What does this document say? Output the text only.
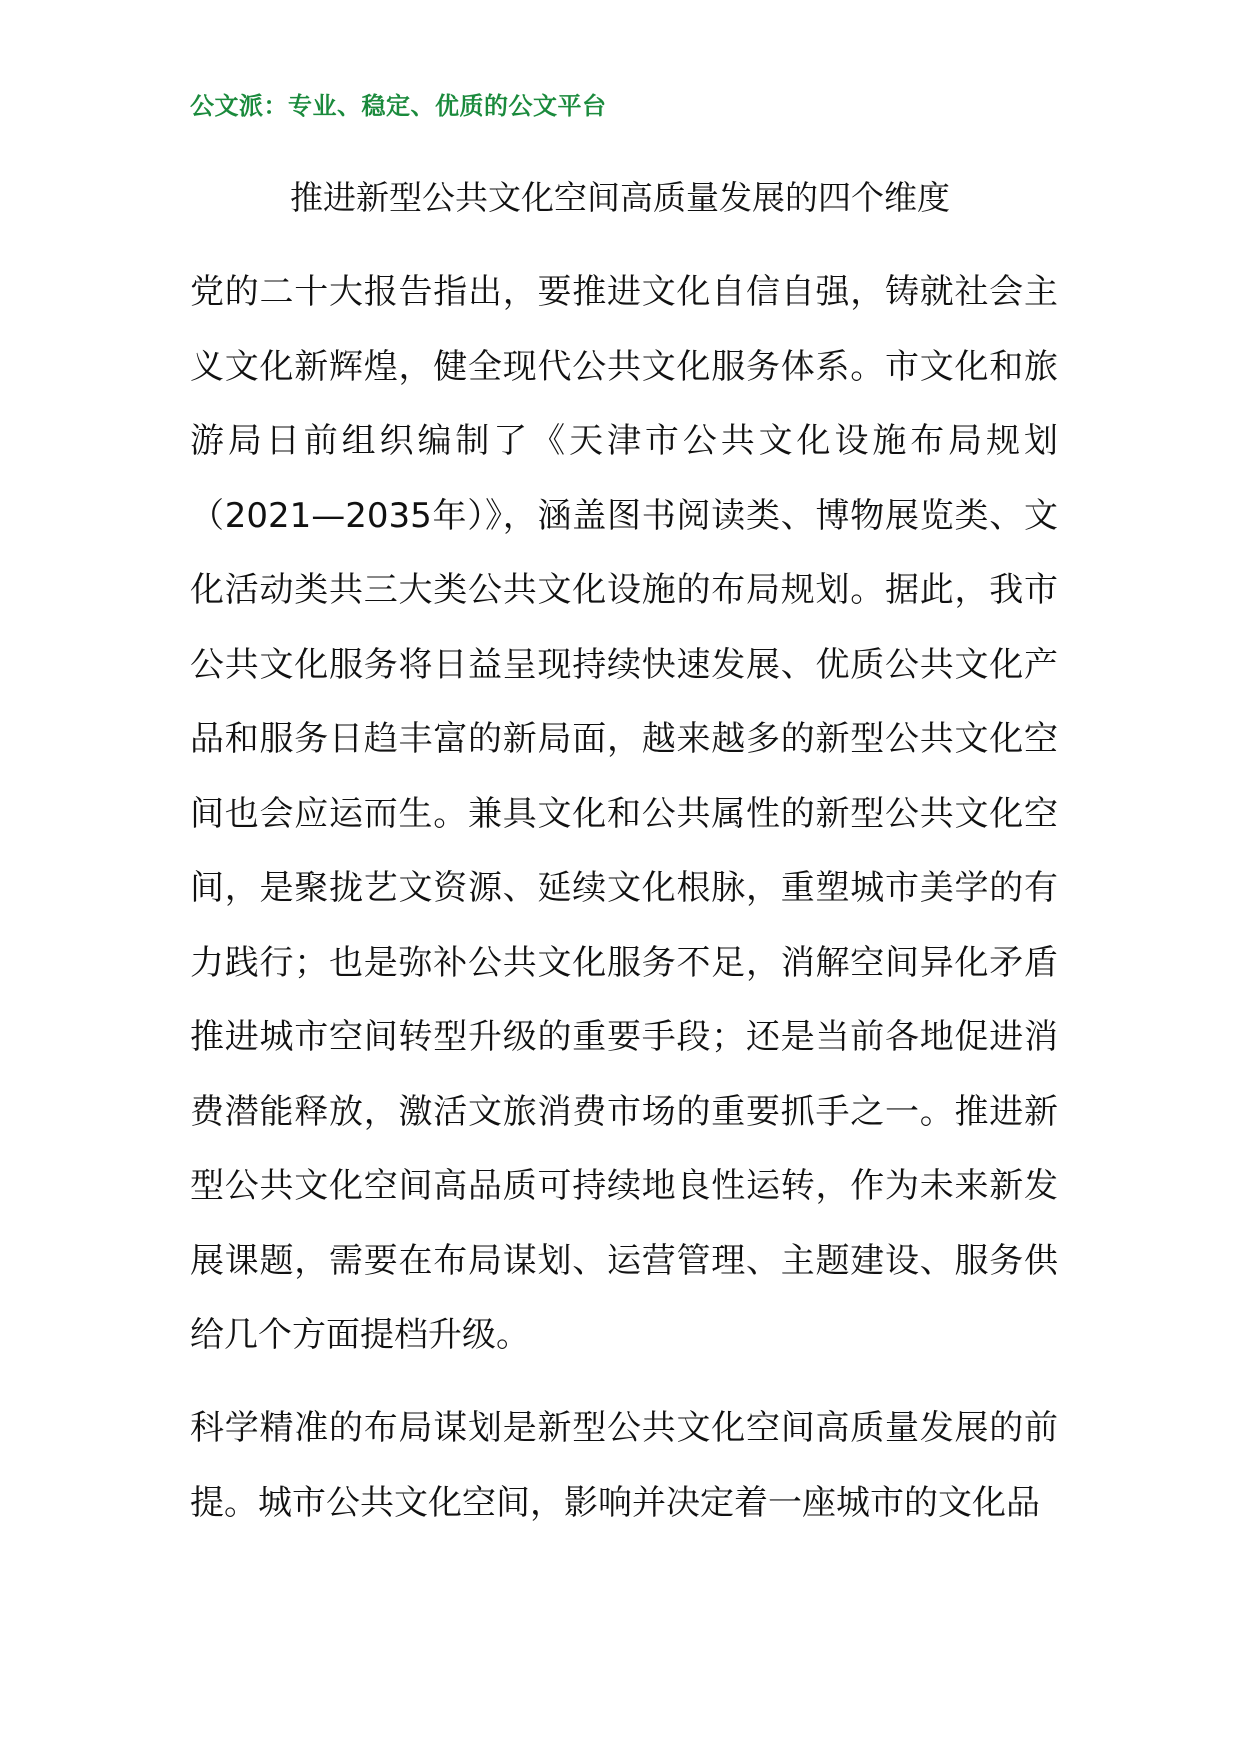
公文派：专业、稳定、优质的公文平台
推进新型公共文化空间高质量发展的四个维度

党的二十大报告指出，要推进文化自信自强，铸就社会主义文化新辉煌，健全现代公共文化服务体系。市文化和旅游局日前组织编制了《天津市公共文化设施布局规划（2021—2035年）》，涵盖图书阅读类、博物展览类、文化活动类共三大类公共文化设施的布局规划。据此，我市公共文化服务将日益呈现持续快速发展、优质公共文化产品和服务日趋丰富的新局面，越来越多的新型公共文化空间也会应运而生。兼具文化和公共属性的新型公共文化空间，是聚拢艺文资源、延续文化根脉，重塑城市美学的有力践行；也是弥补公共文化服务不足，消解空间异化矛盾推进城市空间转型升级的重要手段；还是当前各地促进消费潜能释放，激活文旅消费市场的重要抓手之一。推进新型公共文化空间高品质可持续地良性运转，作为未来新发展课题，需要在布局谋划、运营管理、主题建设、服务供给几个方面提档升级。

科学精准的布局谋划是新型公共文化空间高质量发展的前提。城市公共文化空间，影响并决定着一座城市的文化品
